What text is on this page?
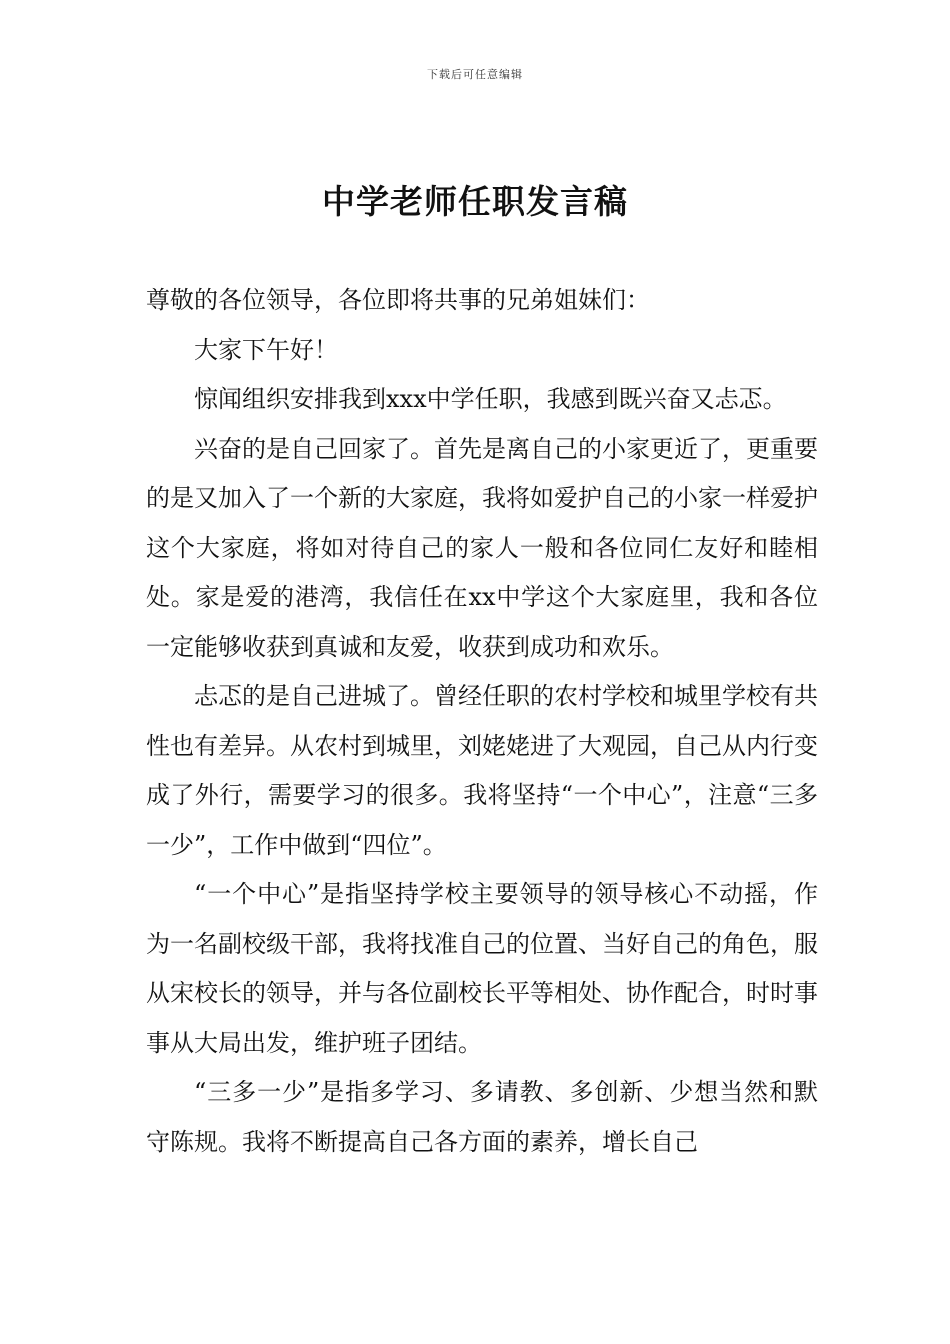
下载后可任意编辑
中学老师任职发言稿

尊敬的各位领导，各位即将共事的兄弟姐妹们：

大家下午好！

惊闻组织安排我到xxx中学任职，我感到既兴奋又忐忑。

兴奋的是自己回家了。首先是离自己的小家更近了，更重要的是又加入了一个新的大家庭，我将如爱护自己的小家一样爱护这个大家庭，将如对待自己的家人一般和各位同仁友好和睦相处。家是爱的港湾，我信任在xx中学这个大家庭里，我和各位一定能够收获到真诚和友爱，收获到成功和欢乐。

忐忑的是自己进城了。曾经任职的农村学校和城里学校有共性也有差异。从农村到城里，刘姥姥进了大观园，自己从内行变成了外行，需要学习的很多。我将坚持“一个中心”，注意“三多一少”，工作中做到“四位”。

“一个中心”是指坚持学校主要领导的领导核心不动摇，作为一名副校级干部，我将找准自己的位置、当好自己的角色，服从宋校长的领导，并与各位副校长平等相处、协作配合，时时事事从大局出发，维护班子团结。

“三多一少”是指多学习、多请教、多创新、少想当然和默守陈规。我将不断提高自己各方面的素养，增长自己
